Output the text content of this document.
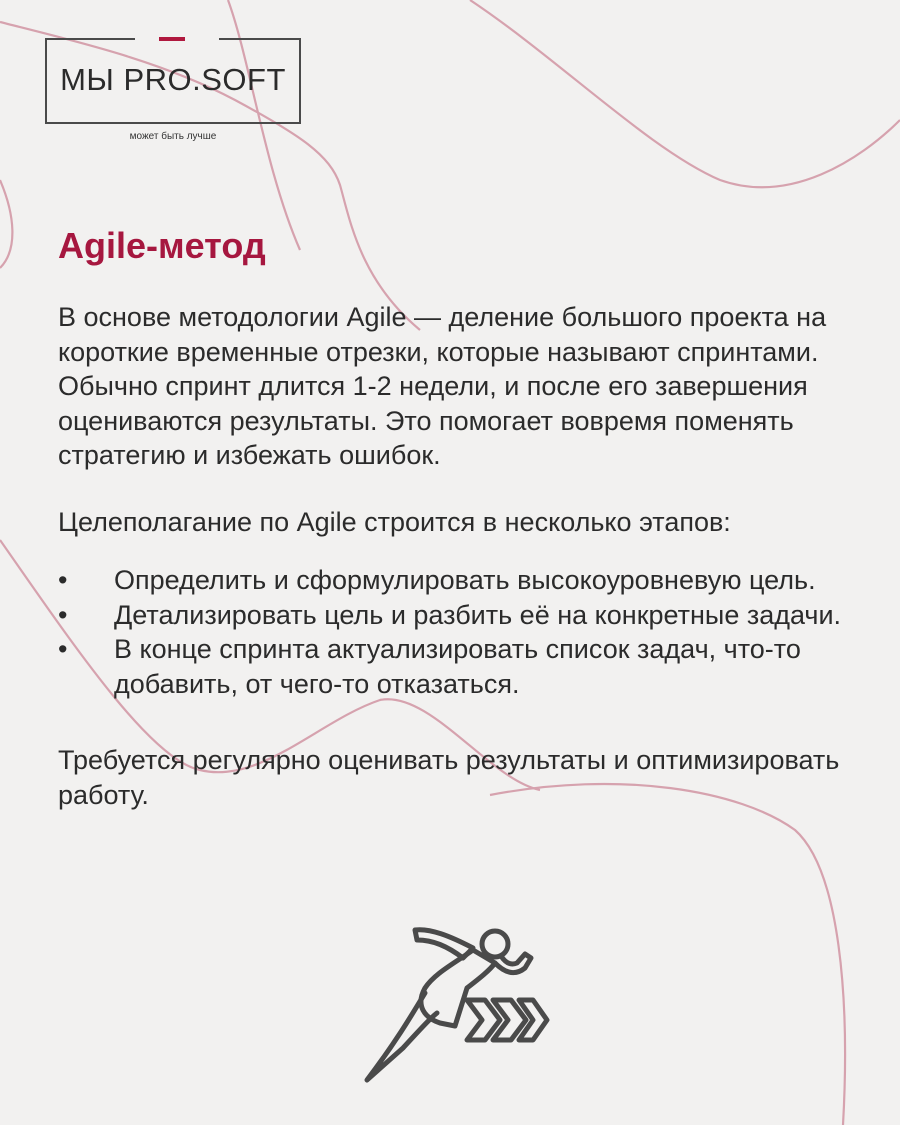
МЫ PRO.SOFT
может быть лучше
Agile-метод

В основе методологии Agile — деление большого проекта на короткие временные отрезки, которые называют спринтами. Обычно спринт длится 1-2 недели, и после его завершения оцениваются результаты. Это помогает вовремя поменять стратегию и избежать ошибок.

Целеполагание по Agile строится в несколько этапов:

• Определить и сформулировать высокоуровневую цель.
• Детализировать цель и разбить её на конкретные задачи.
• В конце спринта актуализировать список задач, что-то добавить, от чего-то отказаться.

Требуется регулярно оценивать результаты и оптимизировать работу.
